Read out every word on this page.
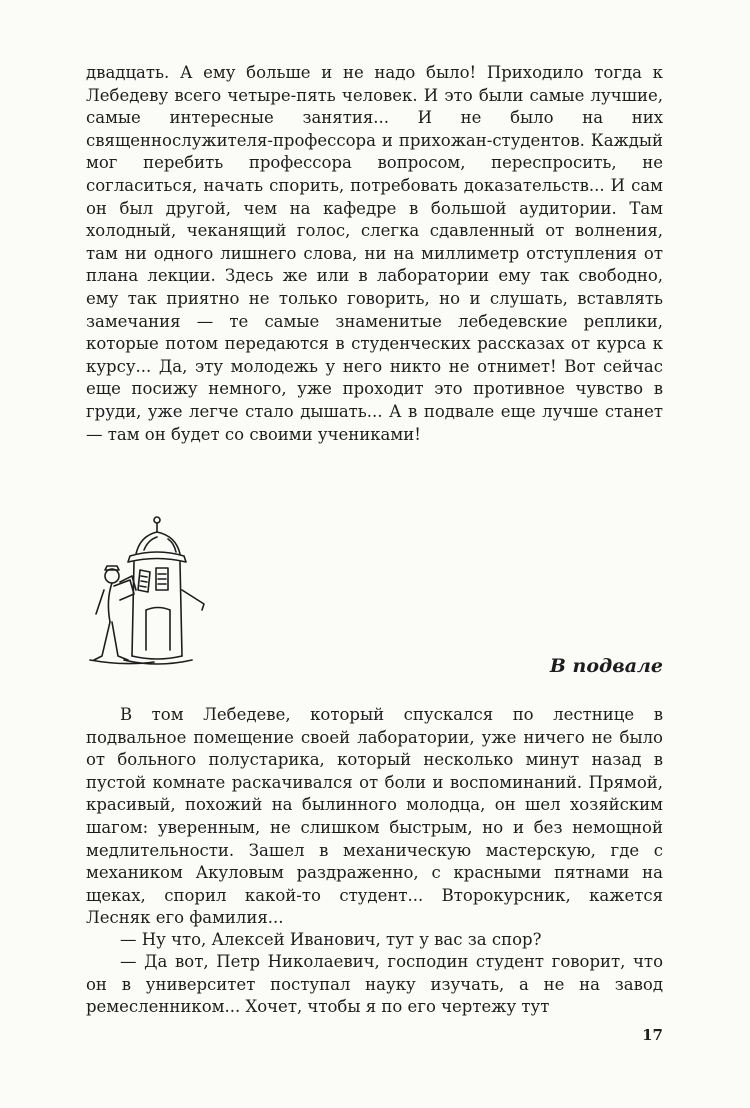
двадцать. А ему больше и не надо было! Приходило тогда к Лебедеву всего четыре-пять человек. И это были самые лучшие, самые интересные занятия... И не было на них священнослужителя-профессора и прихожан-студентов. Каждый мог перебить профессора вопросом, переспросить, не согласиться, начать спорить, потребовать доказательств... И сам он был другой, чем на кафедре в большой аудитории. Там холодный, чеканящий голос, слегка сдавленный от волнения, там ни одного лишнего слова, ни на миллиметр отступления от плана лекции. Здесь же или в лаборатории ему так свободно, ему так приятно не только говорить, но и слушать, вставлять замечания — те самые знаменитые лебедевские реплики, которые потом передаются в студенческих рассказах от курса к курсу... Да, эту молодежь у него никто не отнимет! Вот сейчас еще посижу немного, уже проходит это противное чувство в груди, уже легче стало дышать... А в подвале еще лучше станет — там он будет со своими учениками!

В подвале

В том Лебедеве, который спускался по лестнице в подвальное помещение своей лаборатории, уже ничего не было от больного полустарика, который несколько минут назад в пустой комнате раскачивался от боли и воспоминаний. Прямой, красивый, похожий на былинного молодца, он шел хозяйским шагом: уверенным, не слишком быстрым, но и без немощной медлительности. Зашел в механическую мастерскую, где с механиком Акуловым раздраженно, с красными пятнами на щеках, спорил какой-то студент... Второкурсник, кажется Лесняк его фамилия...

— Ну что, Алексей Иванович, тут у вас за спор?

— Да вот, Петр Николаевич, господин студент говорит, что он в университет поступал науку изучать, а не на завод ремесленником... Хочет, чтобы я по его чертежу тут

17
